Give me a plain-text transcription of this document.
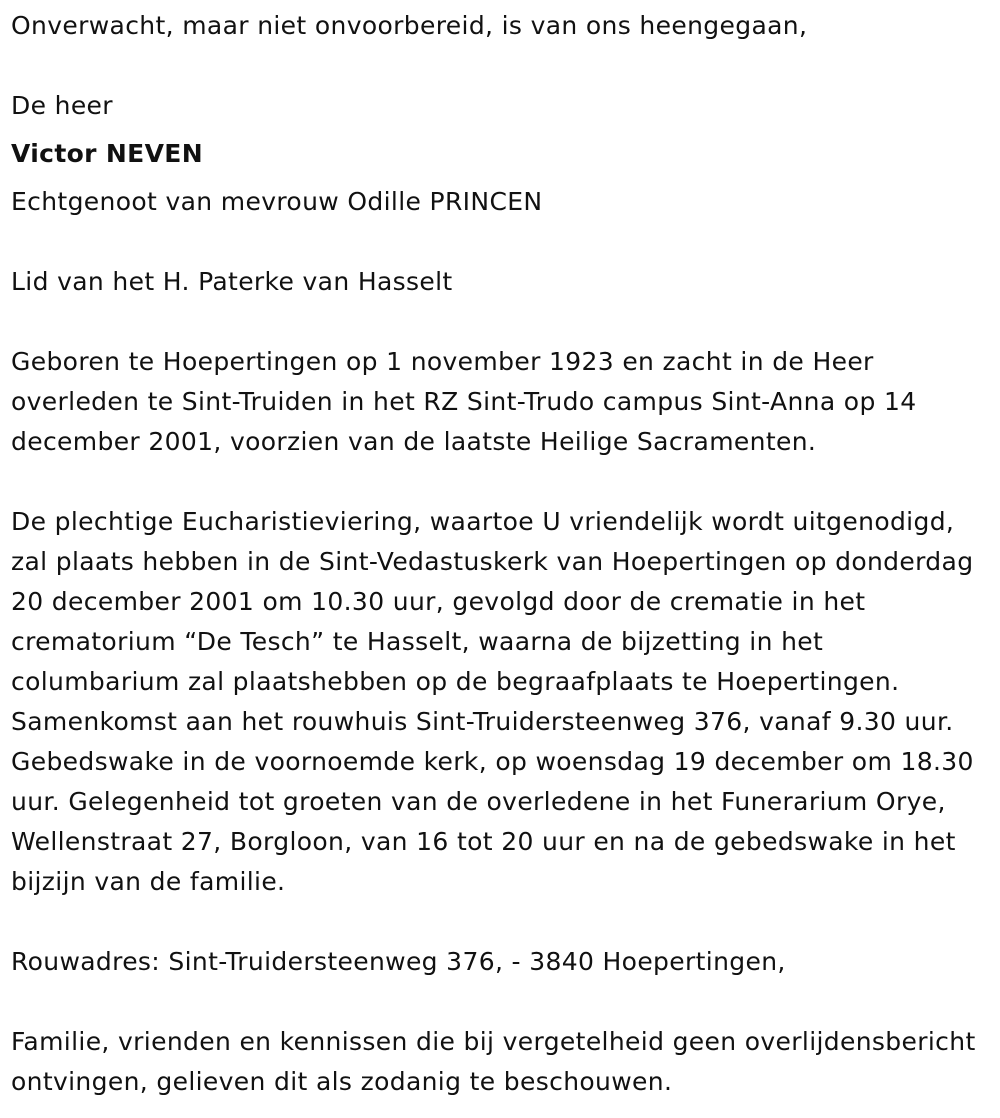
Onverwacht, maar niet onvoorbereid, is van ons heengegaan,

De heer

Victor NEVEN

Echtgenoot van mevrouw Odille PRINCEN

Lid van het H. Paterke van Hasselt

Geboren te Hoepertingen op 1 november 1923 en zacht in de Heer overleden te Sint-Truiden in het RZ Sint-Trudo campus Sint-Anna op 14 december 2001, voorzien van de laatste Heilige Sacramenten.

De plechtige Eucharistieviering, waartoe U vriendelijk wordt uitgenodigd, zal plaats hebben in de Sint-Vedastuskerk van Hoepertingen op donderdag 20 december 2001 om 10.30 uur, gevolgd door de crematie in het crematorium “De Tesch” te Hasselt, waarna de bijzetting in het columbarium zal plaatshebben op de begraafplaats te Hoepertingen. Samenkomst aan het rouwhuis Sint-Truidersteenweg 376, vanaf 9.30 uur. Gebedswake in de voornoemde kerk, op woensdag 19 december om 18.30 uur. Gelegenheid tot groeten van de overledene in het Funerarium Orye, Wellenstraat 27, Borgloon, van 16 tot 20 uur en na de gebedswake in het bijzijn van de familie.

Rouwadres: Sint-Truidersteenweg 376, - 3840 Hoepertingen,

Familie, vrienden en kennissen die bij vergetelheid geen overlijdensbericht ontvingen, gelieven dit als zodanig te beschouwen.
